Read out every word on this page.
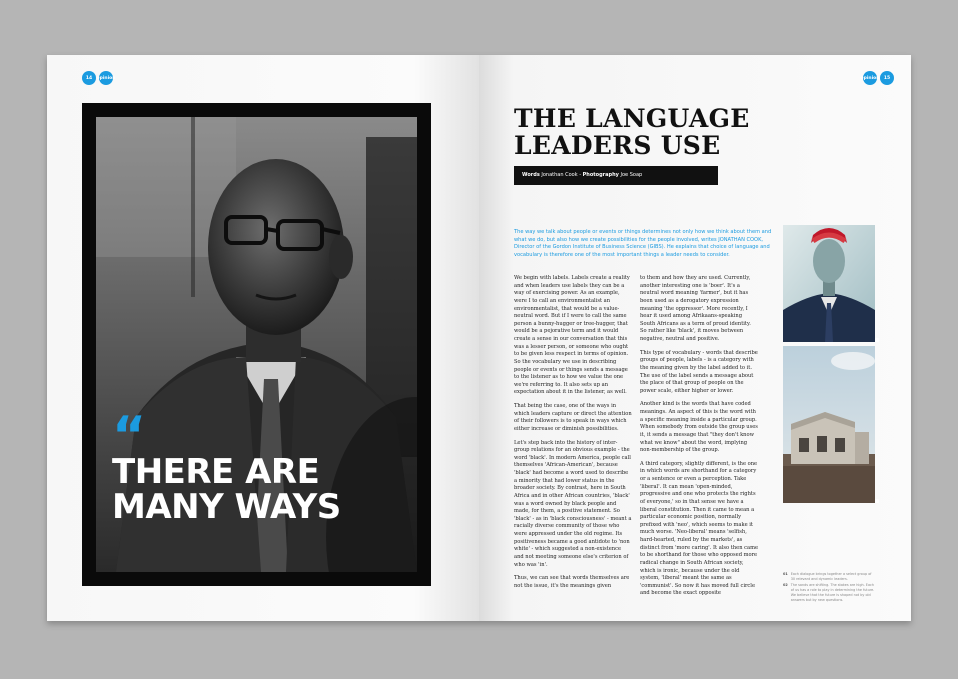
14 opinion
“
THERE ARE MANY WAYS
opinion 15
THE LANGUAGE LEADERS USE
Words Jonathan Cook - Photography Joe Soap

The way we talk about people or events or things determines not only how we think about them and what we do, but also how we create possibilities for the people involved, writes JONATHAN COOK, Director of the Gordon Institute of Business Science (GIBS). He explains that choice of language and vocabulary is therefore one of the most important things a leader needs to consider.

We begin with labels. Labels create a reality and when leaders use labels they can be a way of exercising power. As an example, were I to call an environmentalist an environmentalist, that would be a value-neutral word. But if I were to call the same person a bunny-hugger or tree-hugger, that would be a pejorative term and it would create a sense in our conversation that this was a lesser person, or someone who ought to be given less respect in terms of opinion. So the vocabulary we use in describing people or events or things sends a message to the listener as to how we value the one we're referring to. It also sets up an expectation about it in the listener, as well.

That being the case, one of the ways in which leaders capture or direct the attention of their followers is to speak in ways which either increase or diminish possibilities.

Let's step back into the history of inter-group relations for an obvious example - the word 'black'. In modern America, people call themselves 'African-American', because 'black' had become a word used to describe a minority that had lower status in the broader society. By contrast, here in South Africa and in other African countries, 'black' was a word owned by black people and made, for them, a positive statement. So 'black' - as in 'black consciousness' - meant a racially diverse community of those who were appressed under the old regime. Its positiveness became a good antidote to 'non white' - which suggested a non-existence and not meeting someone else's criterion of who was 'in'.

Thus, we can see that words themselves are not the issue, it's the meanings given

to them and how they are used. Currently, another interesting one is 'boer'. It's a neutral word meaning 'farmer', but it has been used as a derogatory expression meaning 'the oppressor'. More recently, I hear it used among Afrikaans-speaking South Africans as a term of proud identity. So rather like 'black', it moves between negative, neutral and positive.

This type of vocabulary - words that describe groups of people, labels - is a category with the meaning given by the label added to it. The use of the label sends a message about the place of that group of people on the power scale, either higher or lower.

Another kind is the words that have coded meanings. An aspect of this is the word with a specific meaning inside a particular group. When somebody from outside the group uses it, it sends a message that "they don't know what we know" about the word, implying non-membership of the group.

A third category, slightly different, is the one in which words are shorthand for a category or a sentence or even a perception. Take 'liberal'. It can mean 'open-minded, progressive and one who protects the rights of everyone,' so in that sense we have a liberal constitution. Then it came to mean a particular economic position, normally prefixed with 'neo', which seems to make it much worse. 'Neo-liberal' means 'selfish, hard-hearted, ruled by the markets', as distinct from 'more caring'. It also then came to be shorthand for those who opposed more radical change in South African society, which is ironic, because under the old system, 'liberal' meant the same as 'communist'. So now it has moved full circle and become the exact opposite

01 Each dialogue brings together a select group of 30 relevant and dynamic leaders.
02 The sands are shifting. The stakes are high. Each of us has a role to play in determining the future. We believe that the future is shaped not by old answers but by new questions.
